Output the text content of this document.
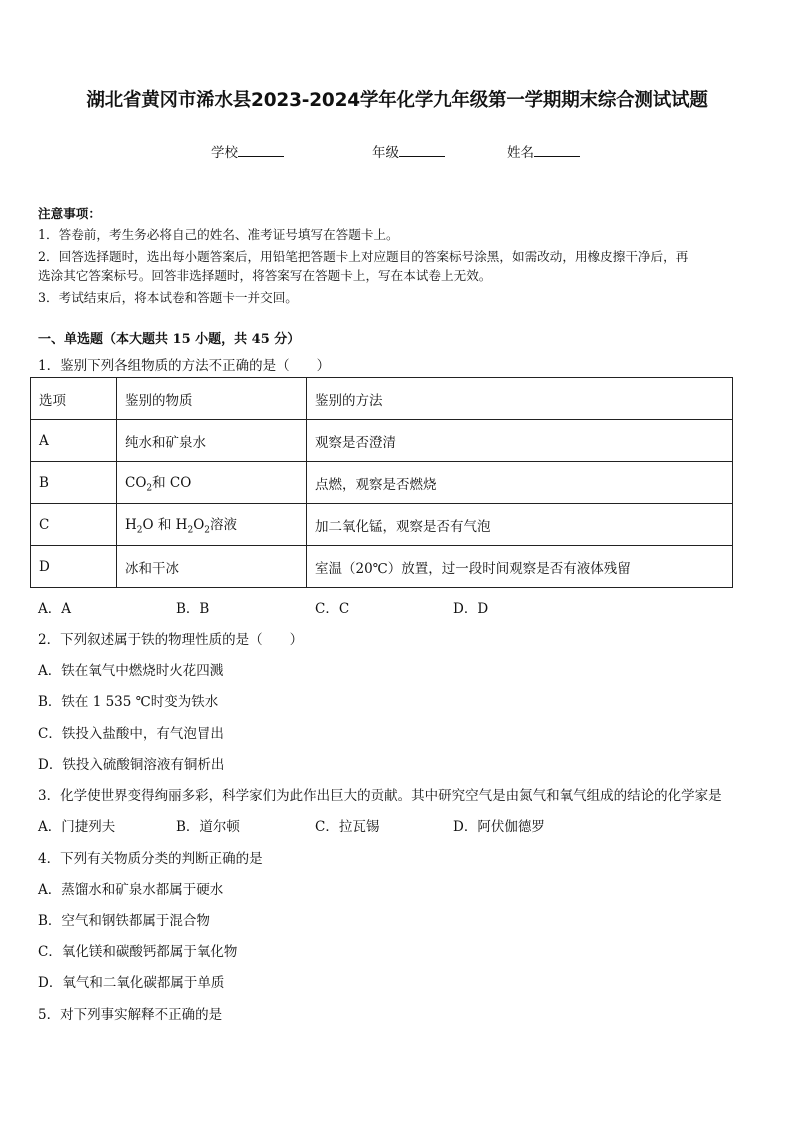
湖北省黄冈市浠水县2023-2024学年化学九年级第一学期期末综合测试试题
学校	年级	姓名
注意事项：
1．答卷前，考生务必将自己的姓名、准考证号填写在答题卡上。
2．回答选择题时，选出每小题答案后，用铅笔把答题卡上对应题目的答案标号涂黑，如需改动，用橡皮擦干净后，再
选涂其它答案标号。回答非选择题时，将答案写在答题卡上，写在本试卷上无效。
3．考试结束后，将本试卷和答题卡一并交回。
一、单选题（本大题共 15 小题，共 45 分）
1．鉴别下列各组物质的方法不正确的是（　　）
选项	鉴别的物质	鉴别的方法
A	纯水和矿泉水	观察是否澄清
B	$CO_2$和 CO	点燃，观察是否燃烧
C	$H_2O$ 和 $H_2O_2$溶液	加二氧化锰，观察是否有气泡
D	冰和干冰	室温（20℃）放置，过一段时间观察是否有液体残留
A．A	B．B	C．C	D．D
2．下列叙述属于铁的物理性质的是（　　）
A．铁在氧气中燃烧时火花四溅
B．铁在 1 535 ℃时变为铁水
C．铁投入盐酸中，有气泡冒出
D．铁投入硫酸铜溶液有铜析出
3．化学使世界变得绚丽多彩，科学家们为此作出巨大的贡献。其中研究空气是由氮气和氧气组成的结论的化学家是
A．门捷列夫	B．道尔顿	C．拉瓦锡	D．阿伏伽德罗
4．下列有关物质分类的判断正确的是
A．蒸馏水和矿泉水都属于硬水
B．空气和钢铁都属于混合物
C．氧化镁和碳酸钙都属于氧化物
D．氧气和二氧化碳都属于单质
5．对下列事实解释不正确的是
